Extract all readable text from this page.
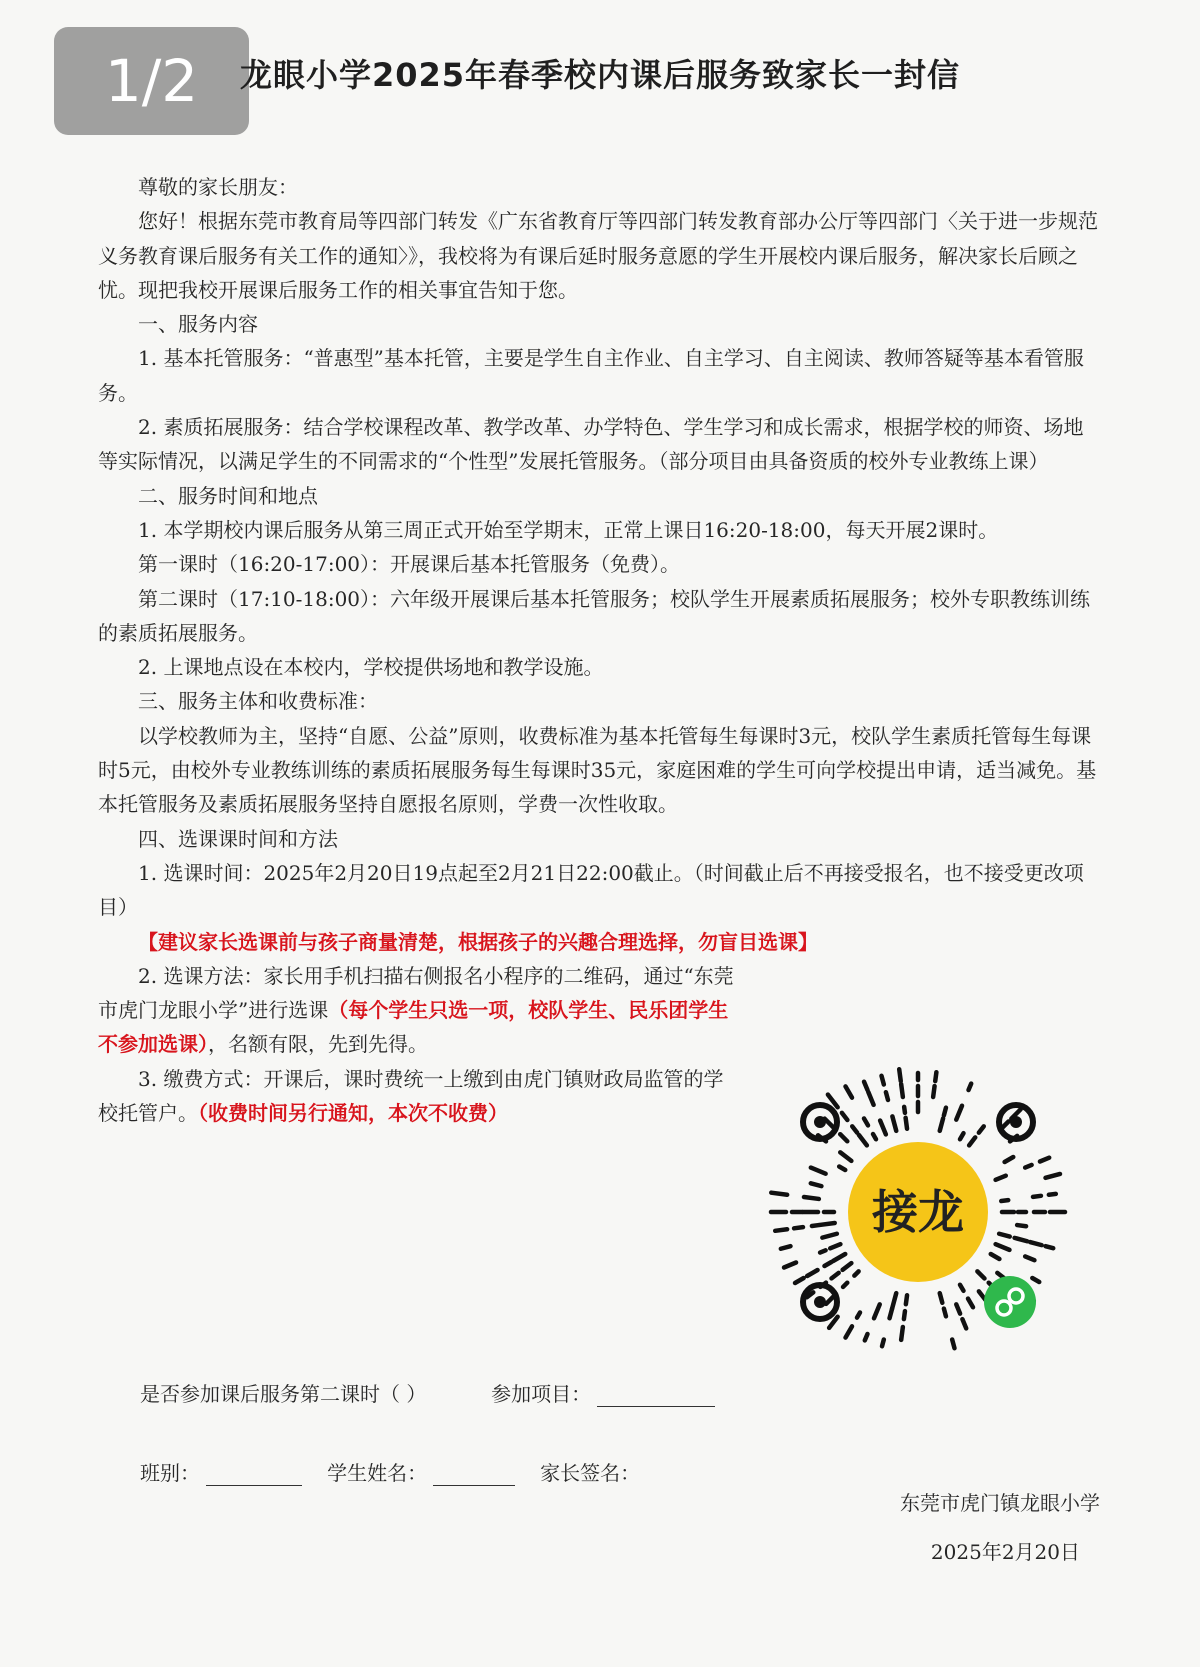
1/2	龙眼小学2025年春季校内课后服务致家长一封信

尊敬的家长朋友：

您好！根据东莞市教育局等四部门转发《广东省教育厅等四部门转发教育部办公厅等四部门〈关于进一步规范义务教育课后服务有关工作的通知〉》，我校将为有课后延时服务意愿的学生开展校内课后服务，解决家长后顾之忧。现把我校开展课后服务工作的相关事宜告知于您。

一、服务内容

1. 基本托管服务：“普惠型”基本托管，主要是学生自主作业、自主学习、自主阅读、教师答疑等基本看管服务。

2. 素质拓展服务：结合学校课程改革、教学改革、办学特色、学生学习和成长需求，根据学校的师资、场地等实际情况，以满足学生的不同需求的“个性型”发展托管服务。（部分项目由具备资质的校外专业教练上课）

二、服务时间和地点

1. 本学期校内课后服务从第三周正式开始至学期末，正常上课日16:20-18:00，每天开展2课时。

第一课时（16:20-17:00）：开展课后基本托管服务（免费）。

第二课时（17:10-18:00）：六年级开展课后基本托管服务；校队学生开展素质拓展服务；校外专职教练训练的素质拓展服务。

2. 上课地点设在本校内，学校提供场地和教学设施。

三、服务主体和收费标准：

以学校教师为主，坚持“自愿、公益”原则，收费标准为基本托管每生每课时3元，校队学生素质托管每生每课时5元，由校外专业教练训练的素质拓展服务每生每课时35元，家庭困难的学生可向学校提出申请，适当减免。基本托管服务及素质拓展服务坚持自愿报名原则，学费一次性收取。

四、选课课时间和方法

1. 选课时间：2025年2月20日19点起至2月21日22:00截止。（时间截止后不再接受报名，也不接受更改项目）

【建议家长选课前与孩子商量清楚，根据孩子的兴趣合理选择，勿盲目选课】

2. 选课方法：家长用手机扫描右侧报名小程序的二维码，通过“东莞市虎门龙眼小学”进行选课（每个学生只选一项，校队学生、民乐团学生不参加选课），名额有限，先到先得。

3. 缴费方式：开课后，课时费统一上缴到由虎门镇财政局监管的学校托管户。（收费时间另行通知，本次不收费）

接龙
是否参加课后服务第二课时（ ）	参加项目：
班别：	学生姓名：	家长签名：
东莞市虎门镇龙眼小学
2025年2月20日
